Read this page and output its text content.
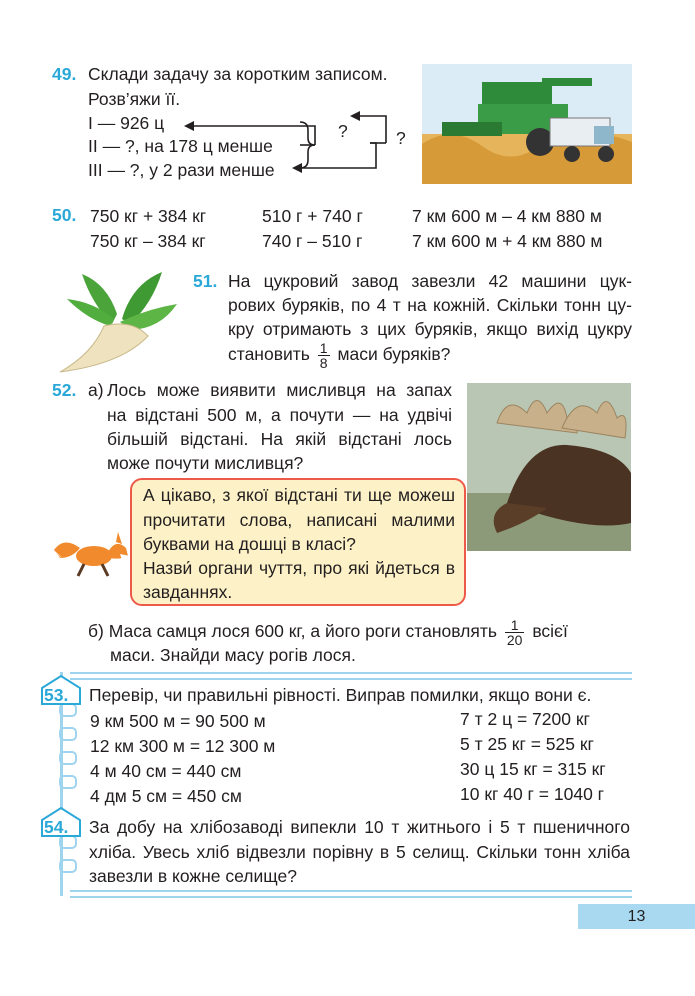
49. Склади задачу за коротким записом.
Розв’яжи її.
І — 926 ц
ІІ — ?, на 178 ц менше
ІІІ — ?, у 2 рази менше
?	?
50. 750 кг + 384 кг
750 кг – 384 кг
510 г + 740 г
740 г – 510 г
7 км 600 м – 4 км 880 м
7 км 600 м + 4 км 880 м
51. На цукровий завод завезли 42 машини цук-
рових буряків, по 4 т на кожній. Скільки тонн цу-
кру отримають з цих буряків, якщо вихід цукру
становить $\frac{1}{8}$ маси буряків?
52. а) Лось може виявити мисливця на запах
на відстані 500 м, а почути — на удвічі
більшій відстані. На якій відстані лось
може почути мисливця?
А цікаво, з якої відстані ти ще можеш
прочитати слова, написані малими
буквами на дошці в класі?
Назви́ органи чуття, про які йдеться в
завданнях.
б) Маса самця лося 600 кг, а його роги становлять $\frac{1}{20}$ всієї
маси. Знайди масу рогів лося.
53. Перевір, чи правильні рівності. Виправ помилки, якщо вони є.
9 км 500 м = 90 500 м
12 км 300 м = 12 300 м
4 м 40 см = 440 см
4 дм 5 см = 450 см
7 т 2 ц = 7200 кг
5 т 25 кг = 525 кг
30 ц 15 кг = 315 кг
10 кг 40 г = 1040 г
54. За добу на хлібозаводі випекли 10 т житнього і 5 т пшеничного
хліба. Увесь хліб відвезли порівну в 5 селищ. Скільки тонн хліба
завезли в кожне селище?
13
